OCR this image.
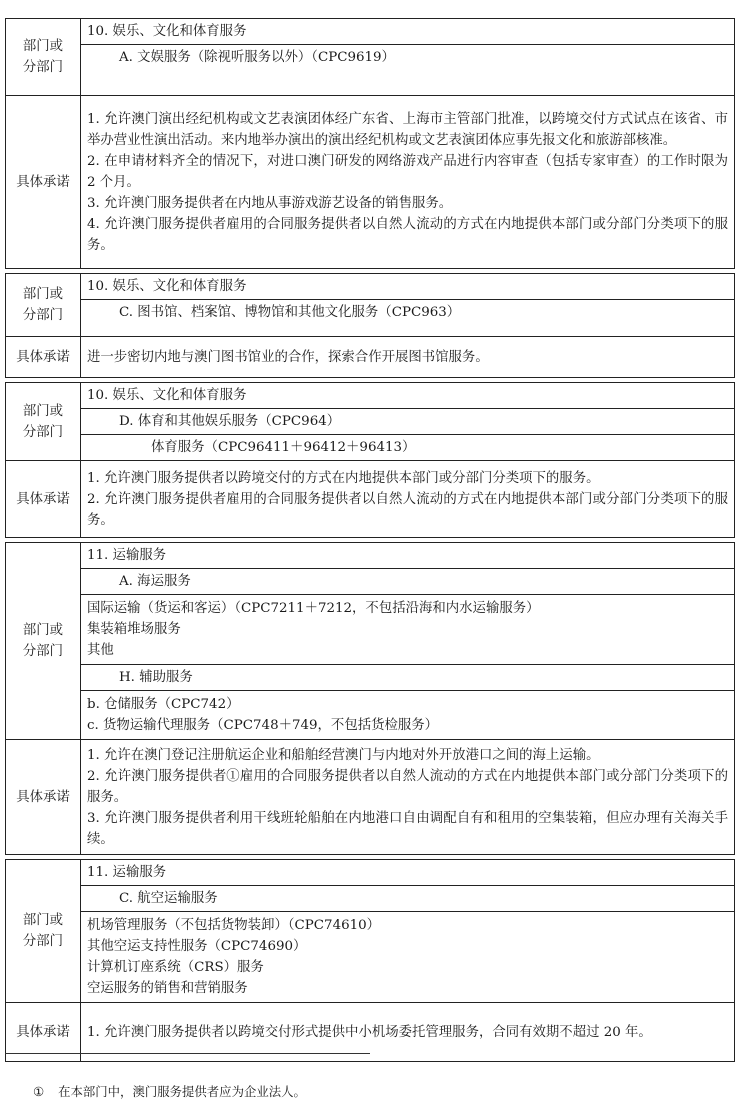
部门或
分部门
10. 娱乐、文化和体育服务
A. 文娱服务（除视听服务以外）（CPC9619）
具体承诺
1. 允许澳门演出经纪机构或文艺表演团体经广东省、上海市主管部门批准，以跨境交付方式试点在该省、市举办营业性演出活动。来内地举办演出的演出经纪机构或文艺表演团体应事先报文化和旅游部核准。
2. 在申请材料齐全的情况下，对进口澳门研发的网络游戏产品进行内容审查（包括专家审查）的工作时限为 2 个月。
3. 允许澳门服务提供者在内地从事游戏游艺设备的销售服务。
4. 允许澳门服务提供者雇用的合同服务提供者以自然人流动的方式在内地提供本部门或分部门分类项下的服务。
部门或
分部门
10. 娱乐、文化和体育服务
C. 图书馆、档案馆、博物馆和其他文化服务（CPC963）
具体承诺	进一步密切内地与澳门图书馆业的合作，探索合作开展图书馆服务。
部门或
分部门
10. 娱乐、文化和体育服务
D. 体育和其他娱乐服务（CPC964）
体育服务（CPC96411＋96412＋96413）
具体承诺
1. 允许澳门服务提供者以跨境交付的方式在内地提供本部门或分部门分类项下的服务。
2. 允许澳门服务提供者雇用的合同服务提供者以自然人流动的方式在内地提供本部门或分部门分类项下的服务。
部门或
分部门
11. 运输服务
A. 海运服务
国际运输（货运和客运）（CPC7211＋7212，不包括沿海和内水运输服务）
集装箱堆场服务
其他
H. 辅助服务
b. 仓储服务（CPC742）
c. 货物运输代理服务（CPC748＋749，不包括货检服务）
具体承诺
1. 允许在澳门登记注册航运企业和船舶经营澳门与内地对外开放港口之间的海上运输。
2. 允许澳门服务提供者①雇用的合同服务提供者以自然人流动的方式在内地提供本部门或分部门分类项下的服务。
3. 允许澳门服务提供者利用干线班轮船舶在内地港口自由调配自有和租用的空集装箱，但应办理有关海关手续。
部门或
分部门
11. 运输服务
C. 航空运输服务
机场管理服务（不包括货物装卸）（CPC74610）
其他空运支持性服务（CPC74690）
计算机订座系统（CRS）服务
空运服务的销售和营销服务
具体承诺	1. 允许澳门服务提供者以跨境交付形式提供中小机场委托管理服务，合同有效期不超过 20 年。
① 在本部门中，澳门服务提供者应为企业法人。
